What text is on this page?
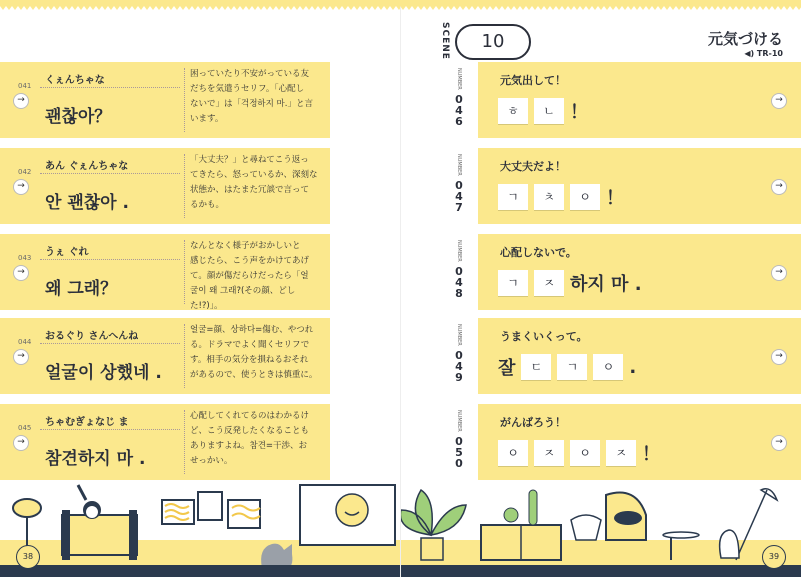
041
→
くぇんちゃな
괜찮아？
困っていたり不安がっている友
だちを気遣うセリフ。「心配し
ないで」は「걱정하지 마.」と言
います。
042
→
あん ぐぇんちゃな
안 괜찮아 .
「大丈夫？」と尋ねてこう返っ
てきたら、怒っているか、深刻な
状態か、はたまた冗談で言って
るかも。
043
→
うぇ ぐれ
왜 그래？
なんとなく様子がおかしいと
感じたら、こう声をかけてあげ
て。顔が傷だらけだったら「얼
굴이 왜 그래?(その顔、どし
た!?)」。
044
→
おるぐり さんへんね
얼굴이 상했네 .
얼굴=顔、상하다=傷む、やつれ
る。ドラマでよく聞くセリフで
す。相手の気分を損ねるおそれ
があるので、使うときは慎重に。
045
→
ちゃむぎょなじ ま
참견하지 마 .
心配してくれてるのはわかるけ
ど、こう反発したくなることも
ありますよね。참견=干渉、お
せっかい。
SCENE	10	元気づける
◀) TR-10
NUMBER
0
4
6
元気出して！
→
ㅎ	ㄴ ！
NUMBER
0
4
7
大丈夫だよ！
→
ㄱ	ㅊ	ㅇ ！
NUMBER
0
4
8
心配しないで。
→
ㄱ	ㅈ 하지 마 .
NUMBER
0
4
9
うまくいくって。
→
잘	ㄷ	ㄱ	ㅇ .
NUMBER
0
5
0
がんばろう！
→
ㅇ	ㅈ	ㅇ	ㅈ ！
38	39
